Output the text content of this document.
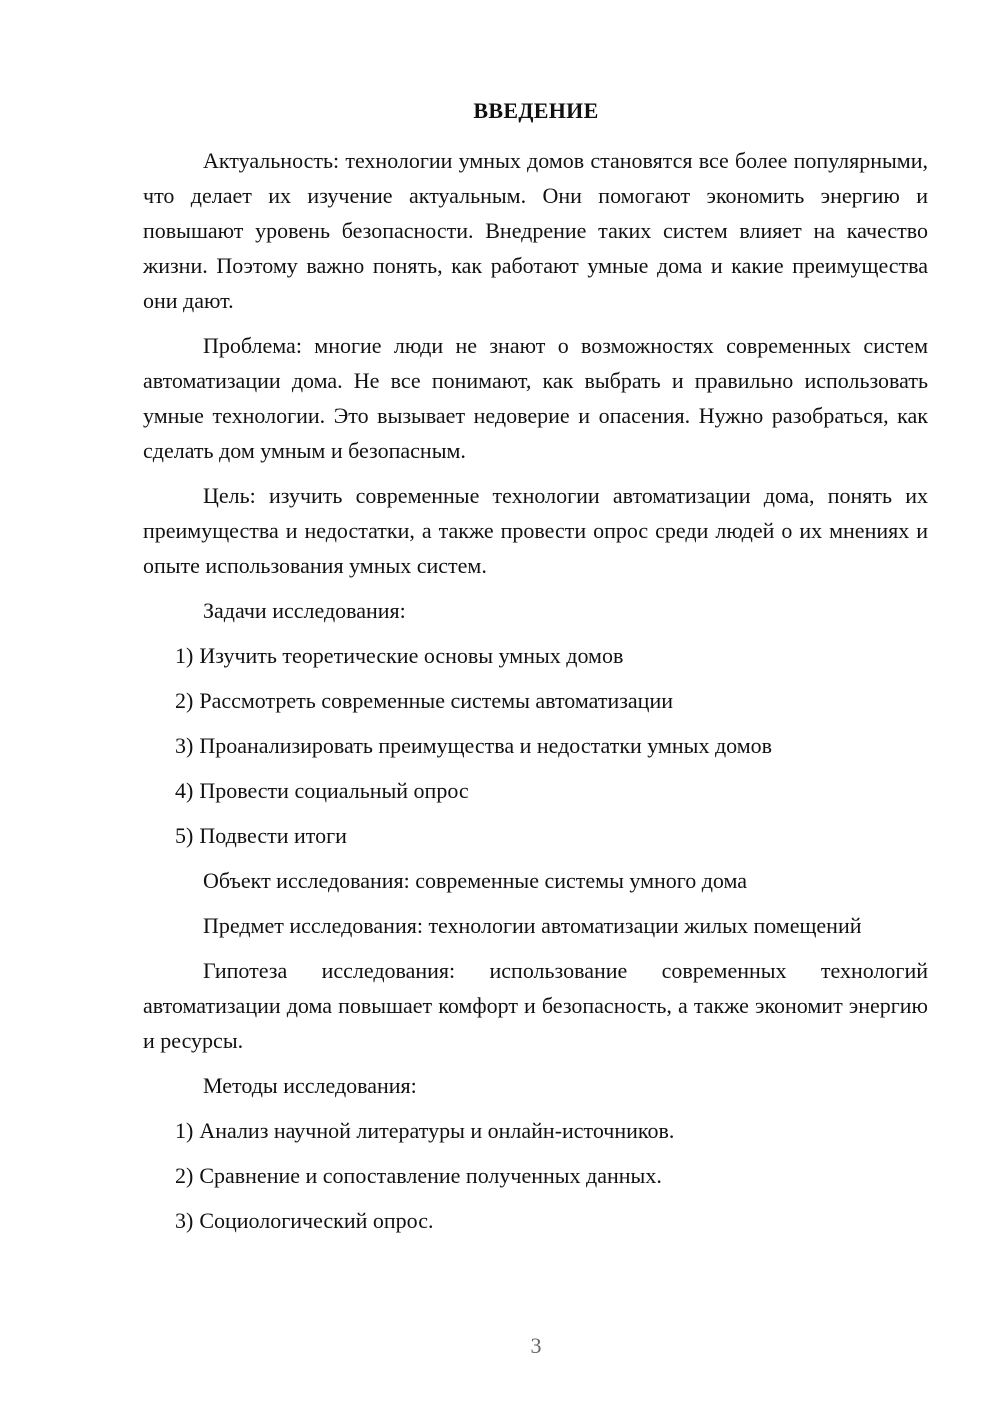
ВВЕДЕНИЕ

Актуальность: технологии умных домов становятся все более популярными, что делает их изучение актуальным. Они помогают экономить энергию и повышают уровень безопасности. Внедрение таких систем влияет на качество жизни. Поэтому важно понять, как работают умные дома и какие преимущества они дают.

Проблема: многие люди не знают о возможностях современных систем автоматизации дома. Не все понимают, как выбрать и правильно использовать умные технологии. Это вызывает недоверие и опасения. Нужно разобраться, как сделать дом умным и безопасным.

Цель: изучить современные технологии автоматизации дома, понять их преимущества и недостатки, а также провести опрос среди людей о их мнениях и опыте использования умных систем.

Задачи исследования:

1) Изучить теоретические основы умных домов
2) Рассмотреть современные системы автоматизации
3) Проанализировать преимущества и недостатки умных домов
4) Провести социальный опрос
5) Подвести итоги

Объект исследования: современные системы умного дома

Предмет исследования: технологии автоматизации жилых помещений

Гипотеза исследования: использование современных технологий автоматизации дома повышает комфорт и безопасность, а также экономит энергию и ресурсы.

Методы исследования:

1) Анализ научной литературы и онлайн-источников.
2) Сравнение и сопоставление полученных данных.
3) Социологический опрос.
3
